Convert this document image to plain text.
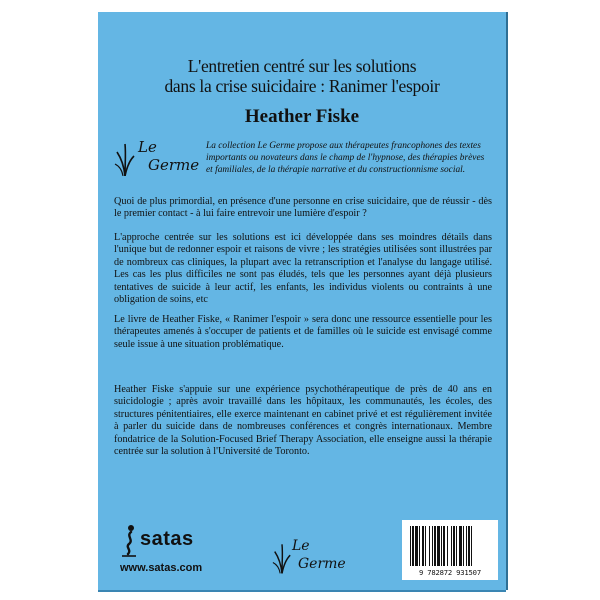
L'entretien centré sur les solutions
dans la crise suicidaire : Ranimer l'espoir
Heather Fiske
Le
Germe
La collection Le Germe propose aux thérapeutes francophones des textes importants ou novateurs dans le champ de l'hypnose, des thérapies brèves et familiales, de la thérapie narrative et du constructionnisme social.

Quoi de plus primordial, en présence d'une personne en crise suicidaire, que de réussir - dès le premier contact - à lui faire entrevoir une lumière d'espoir ?

L'approche centrée sur les solutions est ici développée dans ses moindres détails dans l'unique but de redonner espoir et raisons de vivre ; les stratégies utilisées sont illustrées par de nombreux cas cliniques, la plupart avec la retranscription et l'analyse du langage utilisé. Les cas les plus difficiles ne sont pas éludés, tels que les personnes ayant déjà plusieurs tentatives de suicide à leur actif, les enfants, les individus violents ou contraints à une obligation de soins, etc

Le livre de Heather Fiske, « Ranimer l'espoir » sera donc une ressource essentielle pour les thérapeutes amenés à s'occuper de patients et de familles où le suicide est envisagé comme seule issue à une situation problématique.

Heather Fiske s'appuie sur une expérience psychothérapeutique de près de 40 ans en suicidologie ; après avoir travaillé dans les hôpitaux, les communautés, les écoles, des structures pénitentiaires, elle exerce maintenant en cabinet privé et est régulièrement invitée à parler du suicide dans de nombreuses conférences et congrès internationaux. Membre fondatrice de la Solution-Focused Brief Therapy Association, elle enseigne aussi la thérapie centrée sur la solution à l'Université de Toronto.

satas
www.satas.com
Le
Germe
9 782872 931507
